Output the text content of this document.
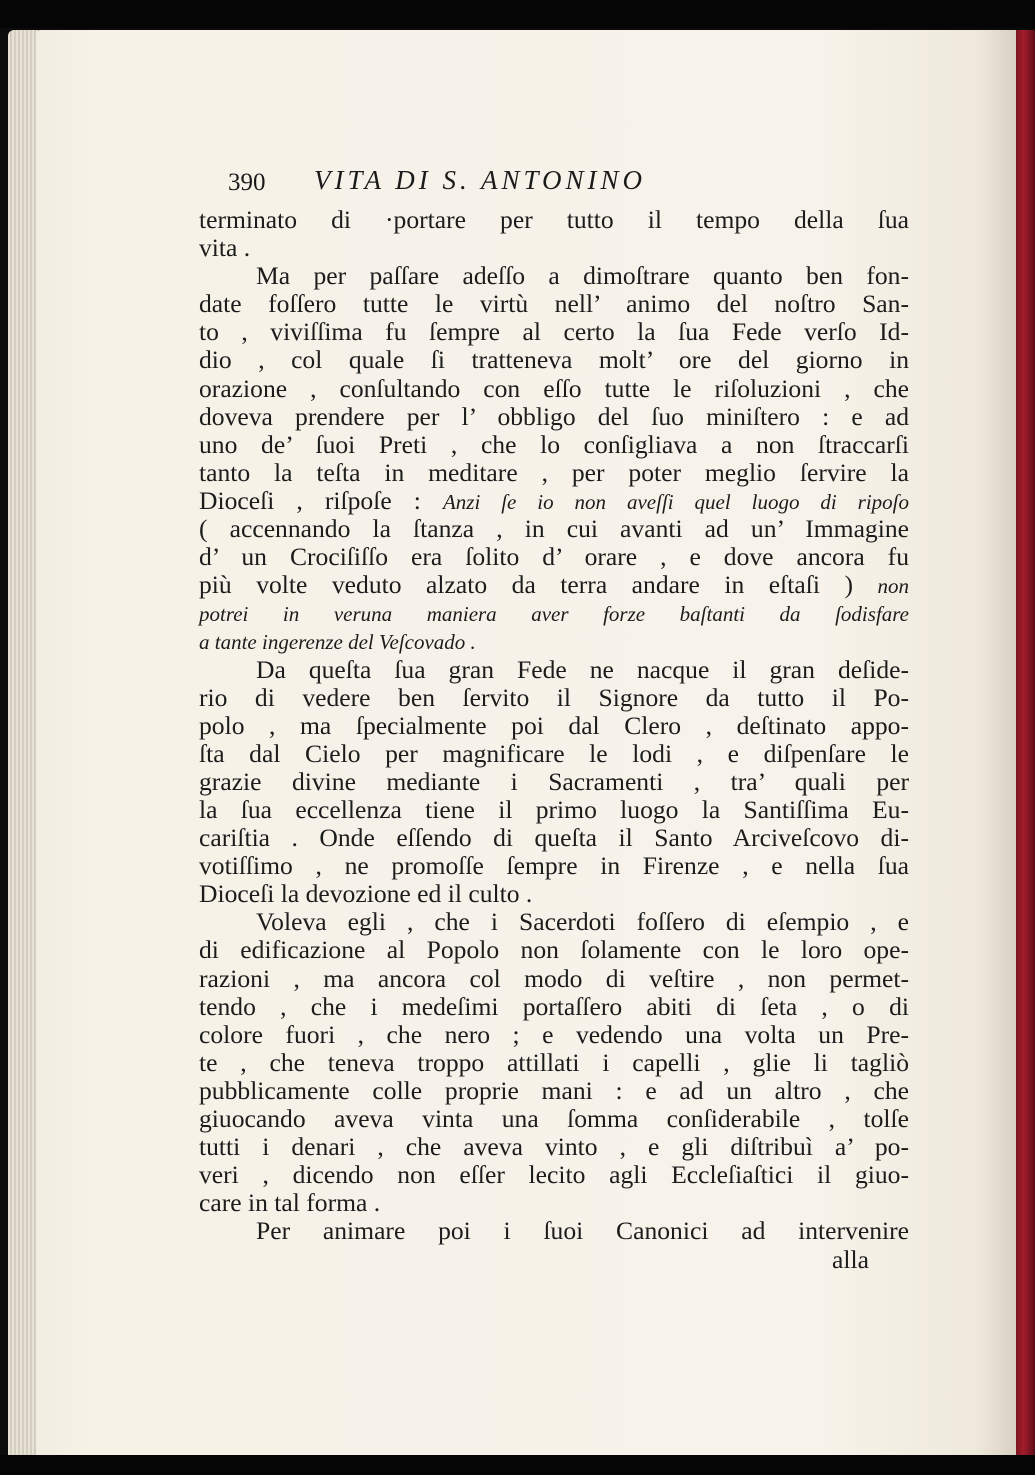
390 VITA DI S. ANTONINO
terminato di ·portare per tutto il tempo della ſua
vita .
Ma per paſſare adeſſo a dimoſtrare quanto ben fon-
date foſſero tutte le virtù nell’ animo del noſtro San-
to , viviſſima fu ſempre al certo la ſua Fede verſo Id-
dio , col quale ſi tratteneva molt’ ore del giorno in
orazione , conſultando con eſſo tutte le riſoluzioni , che
doveva prendere per l’ obbligo del ſuo miniſtero : e ad
uno de’ ſuoi Preti , che lo conſigliava a non ſtraccarſi
tanto la teſta in meditare , per poter meglio ſervire la
Dioceſi , riſpoſe : Anzi ſe io non aveſſi quel luogo di ripoſo
( accennando la ſtanza , in cui avanti ad un’ Immagine
d’ un Crociſiſſo era ſolito d’ orare , e dove ancora fu
più volte veduto alzato da terra andare in eſtaſi ) non
potrei in veruna maniera aver forze baſtanti da ſodisfare
a tante ingerenze del Veſcovado .
Da queſta ſua gran Fede ne nacque il gran deſide-
rio di vedere ben ſervito il Signore da tutto il Po-
polo , ma ſpecialmente poi dal Clero , deſtinato appo-
ſta dal Cielo per magnificare le lodi , e diſpenſare le
grazie divine mediante i Sacramenti , tra’ quali per
la ſua eccellenza tiene il primo luogo la Santiſſima Eu-
cariſtia . Onde eſſendo di queſta il Santo Arciveſcovo di-
votiſſimo , ne promoſſe ſempre in Firenze , e nella ſua
Dioceſi la devozione ed il culto .
Voleva egli , che i Sacerdoti foſſero di eſempio , e
di edificazione al Popolo non ſolamente con le loro ope-
razioni , ma ancora col modo di veſtire , non permet-
tendo , che i medeſimi portaſſero abiti di ſeta , o di
colore fuori , che nero ; e vedendo una volta un Pre-
te , che teneva troppo attillati i capelli , glie li tagliò
pubblicamente colle proprie mani : e ad un altro , che
giuocando aveva vinta una ſomma conſiderabile , tolſe
tutti i denari , che aveva vinto , e gli diſtribuì a’ po-
veri , dicendo non eſſer lecito agli Eccleſiaſtici il giuo-
care in tal forma .
Per animare poi i ſuoi Canonici ad intervenire
alla
